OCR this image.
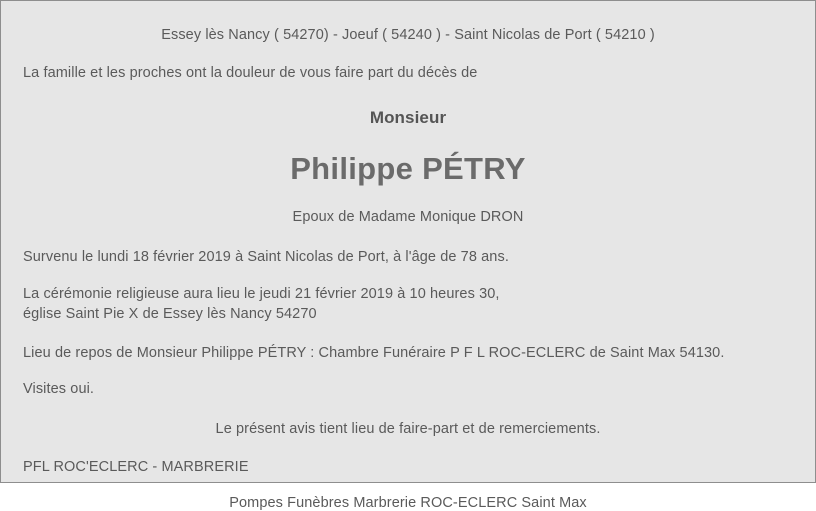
Essey lès Nancy ( 54270) - Joeuf ( 54240 ) - Saint Nicolas de Port ( 54210 )
La famille et les proches ont la douleur de vous faire part du décès de
Monsieur
Philippe PÉTRY
Epoux de Madame Monique DRON
Survenu le lundi 18 février 2019 à Saint Nicolas de Port, à l'âge de 78 ans.
La cérémonie religieuse aura lieu le jeudi 21 février 2019 à 10 heures 30,
église Saint Pie X de Essey lès Nancy 54270
Lieu de repos de Monsieur Philippe PÉTRY : Chambre Funéraire P F L ROC-ECLERC de Saint Max 54130.
Visites oui.
Le présent avis tient lieu de faire-part et de remerciements.
PFL ROC'ECLERC - MARBRERIE
Pompes Funèbres Marbrerie ROC-ECLERC Saint Max
